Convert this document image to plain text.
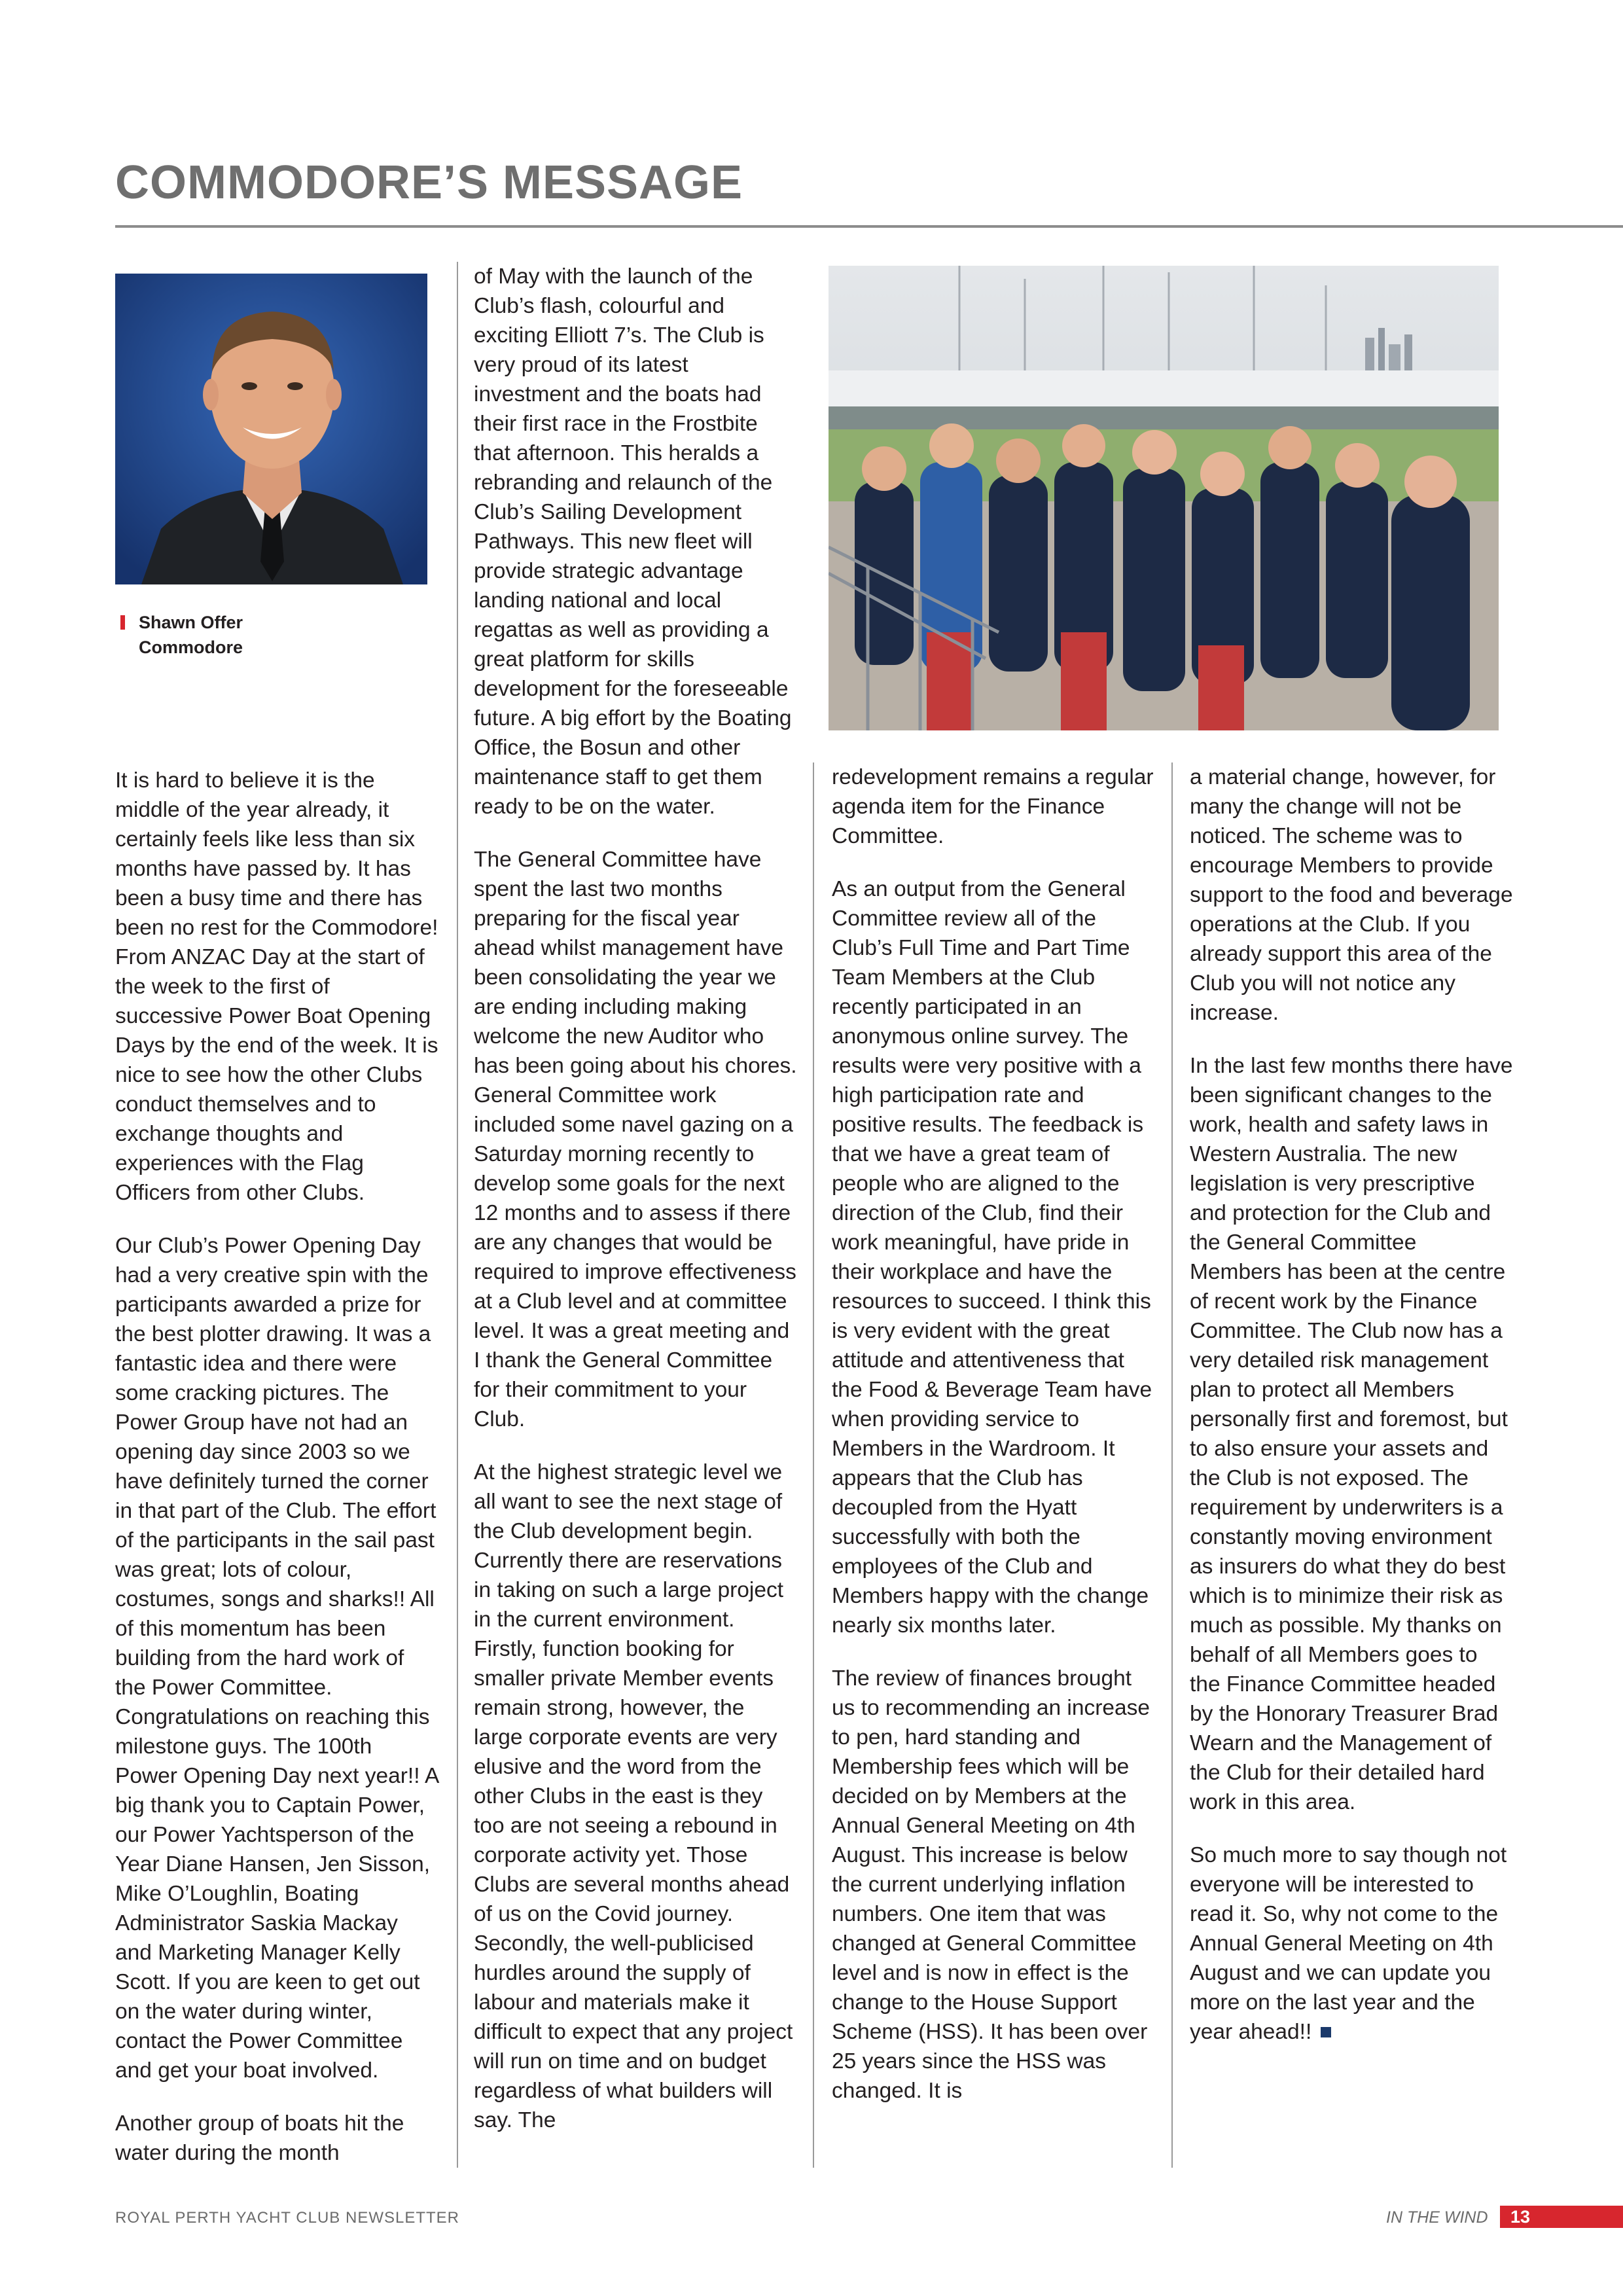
COMMODORE’S MESSAGE
Shawn Offer
Commodore

It is hard to believe it is the middle of the year already, it certainly feels like less than six months have passed by. It has been a busy time and there has been no rest for the Commodore! From ANZAC Day at the start of the week to the first of successive Power Boat Opening Days by the end of the week. It is nice to see how the other Clubs conduct themselves and to exchange thoughts and experiences with the Flag Officers from other Clubs.

Our Club’s Power Opening Day had a very creative spin with the participants awarded a prize for the best plotter drawing. It was a fantastic idea and there were some cracking pictures. The Power Group have not had an opening day since 2003 so we have definitely turned the corner in that part of the Club. The effort of the participants in the sail past was great; lots of colour, costumes, songs and sharks!! All of this momentum has been building from the hard work of the Power Committee. Congratulations on reaching this milestone guys. The 100th Power Opening Day next year!! A big thank you to Captain Power, our Power Yachtsperson of the Year Diane Hansen, Jen Sisson, Mike O’Loughlin, Boating Administrator Saskia Mackay and Marketing Manager Kelly Scott. If you are keen to get out on the water during winter, contact the Power Committee and get your boat involved.

Another group of boats hit the water during the month

of May with the launch of the Club’s flash, colourful and exciting Elliott 7’s. The Club is very proud of its latest investment and the boats had their first race in the Frostbite that afternoon. This heralds a rebranding and relaunch of the Club’s Sailing Development Pathways. This new fleet will provide strategic advantage landing national and local regattas as well as providing a great platform for skills development for the foreseeable future. A big effort by the Boating Office, the Bosun and other maintenance staff to get them ready to be on the water.

The General Committee have spent the last two months preparing for the fiscal year ahead whilst management have been consolidating the year we are ending including making welcome the new Auditor who has been going about his chores. General Committee work included some navel gazing on a Saturday morning recently to develop some goals for the next 12 months and to assess if there are any changes that would be required to improve effectiveness at a Club level and at committee level. It was a great meeting and I thank the General Committee for their commitment to your Club.

At the highest strategic level we all want to see the next stage of the Club development begin. Currently there are reservations in taking on such a large project in the current environment. Firstly, function booking for smaller private Member events remain strong, however, the large corporate events are very elusive and the word from the other Clubs in the east is they too are not seeing a rebound in corporate activity yet. Those Clubs are several months ahead of us on the Covid journey. Secondly, the well-publicised hurdles around the supply of labour and materials make it difficult to expect that any project will run on time and on budget regardless of what builders will say. The

redevelopment remains a regular agenda item for the Finance Committee.

As an output from the General Committee review all of the Club’s Full Time and Part Time Team Members at the Club recently participated in an anonymous online survey. The results were very positive with a high participation rate and positive results. The feedback is that we have a great team of people who are aligned to the direction of the Club, find their work meaningful, have pride in their workplace and have the resources to succeed. I think this is very evident with the great attitude and attentiveness that the Food & Beverage Team have when providing service to Members in the Wardroom. It appears that the Club has decoupled from the Hyatt successfully with both the employees of the Club and Members happy with the change nearly six months later.

The review of finances brought us to recommending an increase to pen, hard standing and Membership fees which will be decided on by Members at the Annual General Meeting on 4th August. This increase is below the current underlying inflation numbers. One item that was changed at General Committee level and is now in effect is the change to the House Support Scheme (HSS). It has been over 25 years since the HSS was changed. It is

a material change, however, for many the change will not be noticed. The scheme was to encourage Members to provide support to the food and beverage operations at the Club. If you already support this area of the Club you will not notice any increase.

In the last few months there have been significant changes to the work, health and safety laws in Western Australia. The new legislation is very prescriptive and protection for the Club and the General Committee Members has been at the centre of recent work by the Finance Committee. The Club now has a very detailed risk management plan to protect all Members personally first and foremost, but to also ensure your assets and the Club is not exposed. The requirement by underwriters is a constantly moving environment as insurers do what they do best which is to minimize their risk as much as possible. My thanks on behalf of all Members goes to the Finance Committee headed by the Honorary Treasurer Brad Wearn and the Management of the Club for their detailed hard work in this area.

So much more to say though not everyone will be interested to read it. So, why not come to the Annual General Meeting on 4th August and we can update you more on the last year and the year ahead!!

ROYAL PERTH YACHT CLUB NEWSLETTER	IN THE WIND 13
